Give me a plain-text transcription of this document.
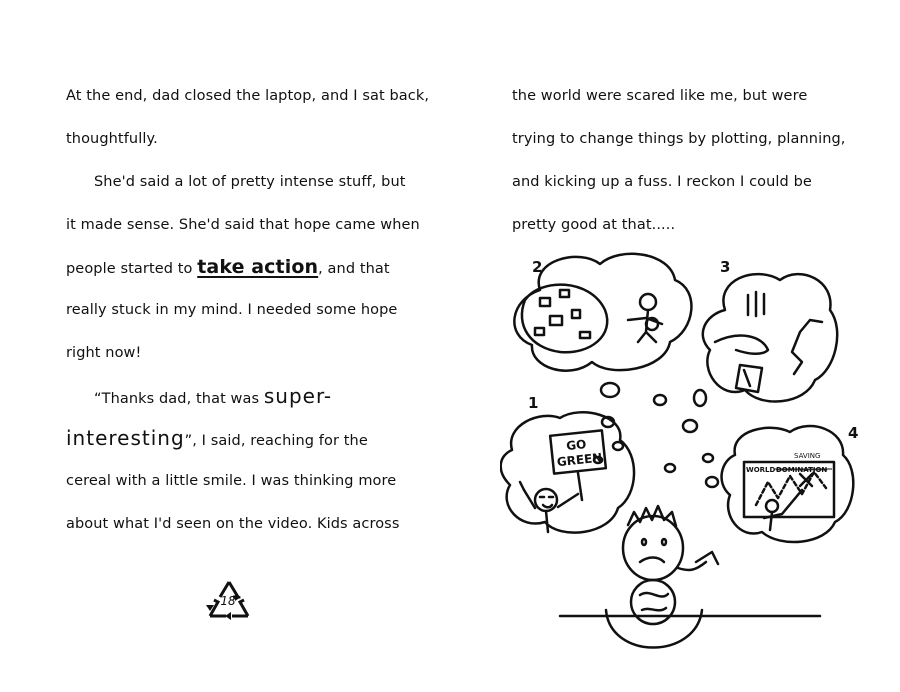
At the end, dad closed the laptop, and I sat back,
thoughtfully.
She'd said a lot of pretty intense stuff, but
it made sense. She'd said that hope came when
people started to take action, and that
really stuck in my mind. I needed some hope
right now!
“Thanks dad, that was super-
interesting”, I said, reaching for the
cereal with a little smile. I was thinking more
about what I'd seen on the video. Kids across
18
the world were scared like me, but were
trying to change things by plotting, planning,
and kicking up a fuss. I reckon I could be
pretty good at that.....
2	3
1
4
GO
GREEN	SAVING
WORLD DOMINATION
